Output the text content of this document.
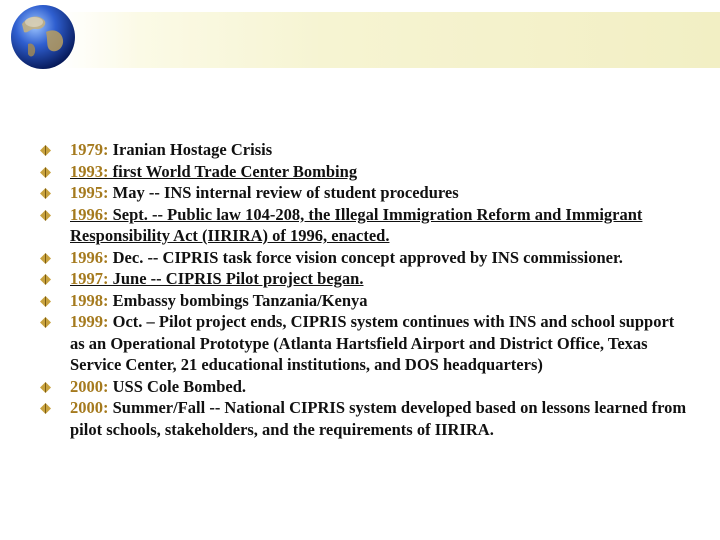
1979: Iranian Hostage Crisis
1993: first World Trade Center Bombing
1995: May -- INS internal review of student procedures
1996: Sept. -- Public law 104-208, the Illegal Immigration Reform and Immigrant Responsibility Act (IIRIRA) of 1996, enacted.
1996: Dec. -- CIPRIS task force vision concept approved by INS commissioner.
1997: June -- CIPRIS Pilot project began.
1998: Embassy bombings Tanzania/Kenya
1999: Oct. – Pilot project ends, CIPRIS system continues with INS and school support as an Operational Prototype (Atlanta Hartsfield Airport and District Office, Texas Service Center, 21 educational institutions, and DOS headquarters)
2000: USS Cole Bombed.
2000: Summer/Fall -- National CIPRIS system developed based on lessons learned from pilot schools, stakeholders, and the requirements of IIRIRA.
